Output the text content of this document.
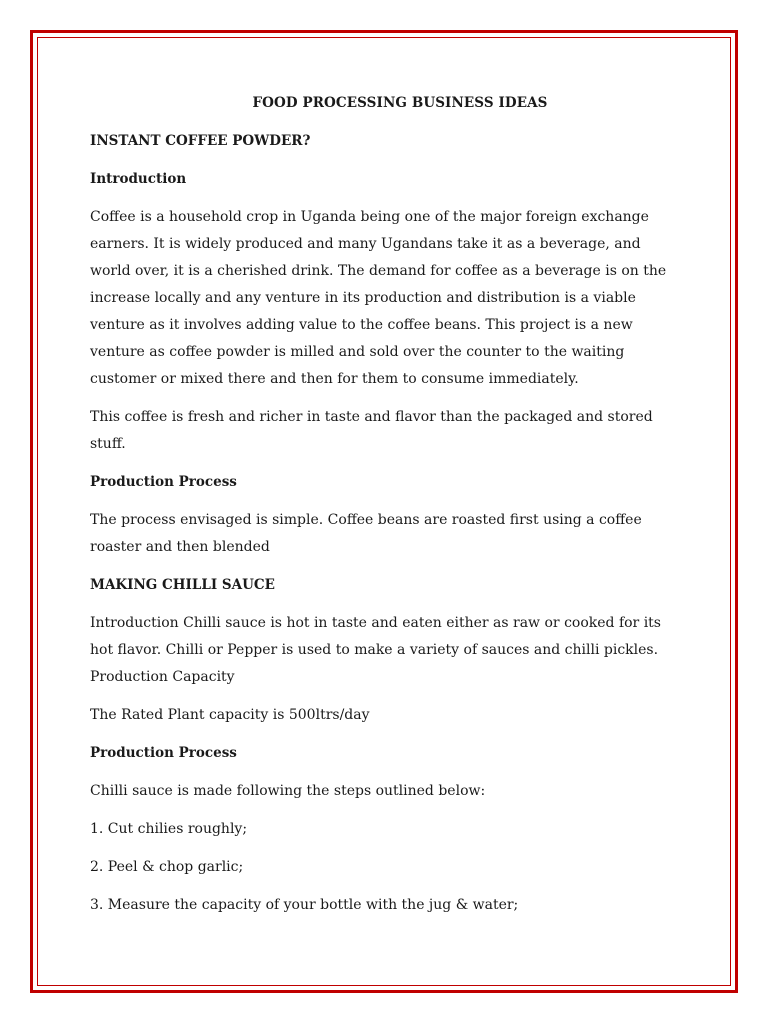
FOOD PROCESSING BUSINESS IDEAS
INSTANT COFFEE POWDER?
Introduction

Coffee is a household crop in Uganda being one of the major foreign exchange earners. It is widely produced and many Ugandans take it as a beverage, and world over, it is a cherished drink. The demand for coffee as a beverage is on the increase locally and any venture in its production and distribution is a viable venture as it involves adding value to the coffee beans. This project is a new venture as coffee powder is milled and sold over the counter to the waiting customer or mixed there and then for them to consume immediately.

This coffee is fresh and richer in taste and flavor than the packaged and stored stuff.

Production Process

The process envisaged is simple. Coffee beans are roasted first using a coffee roaster and then blended

MAKING CHILLI SAUCE

Introduction Chilli sauce is hot in taste and eaten either as raw or cooked for its hot flavor. Chilli or Pepper is used to make a variety of sauces and chilli pickles. Production Capacity

The Rated Plant capacity is 500ltrs/day

Production Process

Chilli sauce is made following the steps outlined below:

1. Cut chilies roughly;
2. Peel & chop garlic;
3. Measure the capacity of your bottle with the jug & water;
